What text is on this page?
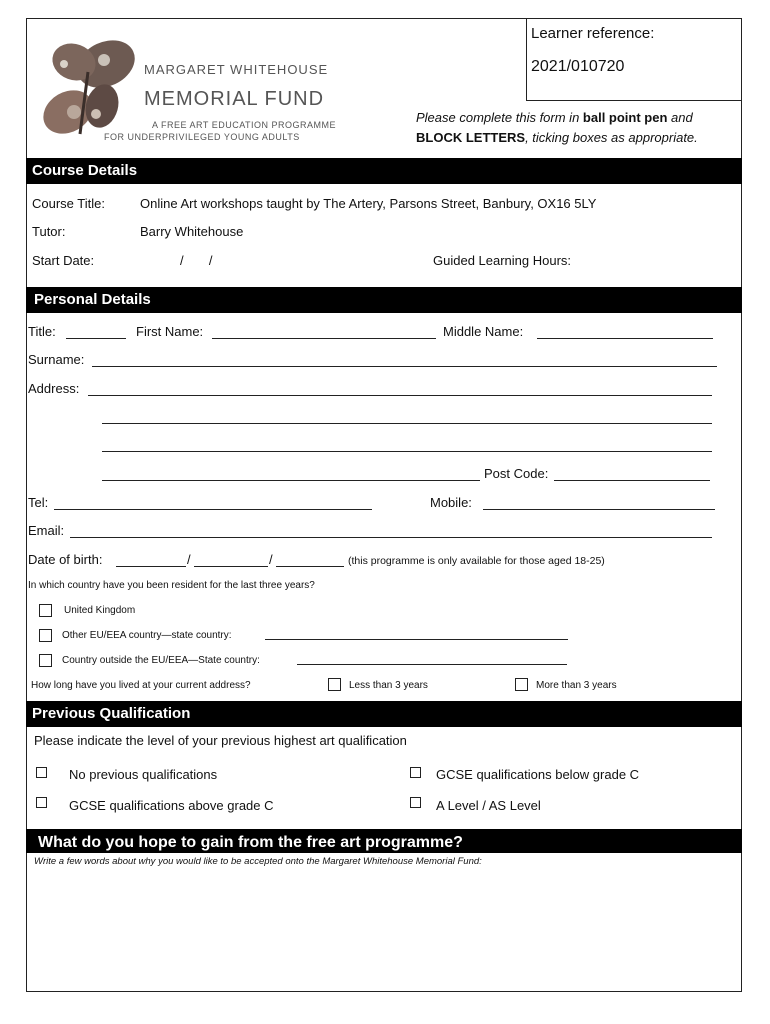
MARGARET WHITEHOUSE
MEMORIAL FUND
A FREE ART EDUCATION PROGRAMME
FOR UNDERPRIVILEGED YOUNG ADULTS
Learner reference:
2021/010720
Please complete this form in ball point pen and
BLOCK LETTERS, ticking boxes as appropriate.
Course Details
Course Title:	Online Art workshops taught by The Artery, Parsons Street, Banbury, OX16 5LY
Tutor:	Barry Whitehouse
Start Date:	/       /	Guided Learning Hours:
Personal Details
Title:	First Name:	Middle Name:
Surname:
Address:
Post Code:
Tel:	Mobile:
Email:
Date of birth:	/	/	(this programme is only available for those aged 18-25)
In which country have you been resident for the last three years?
United Kingdom
Other EU/EEA country—state country:
Country outside the EU/EEA—State country:
How long have you lived at your current address?	Less than 3 years	More than 3 years
Previous Qualification
Please indicate the level of your previous highest art qualification
No previous qualifications	GCSE qualifications below grade C
GCSE qualifications above grade C	A Level / AS Level
What do you hope to gain from the free art programme?
Write a few words about why you would like to be accepted onto the Margaret Whitehouse Memorial Fund:
